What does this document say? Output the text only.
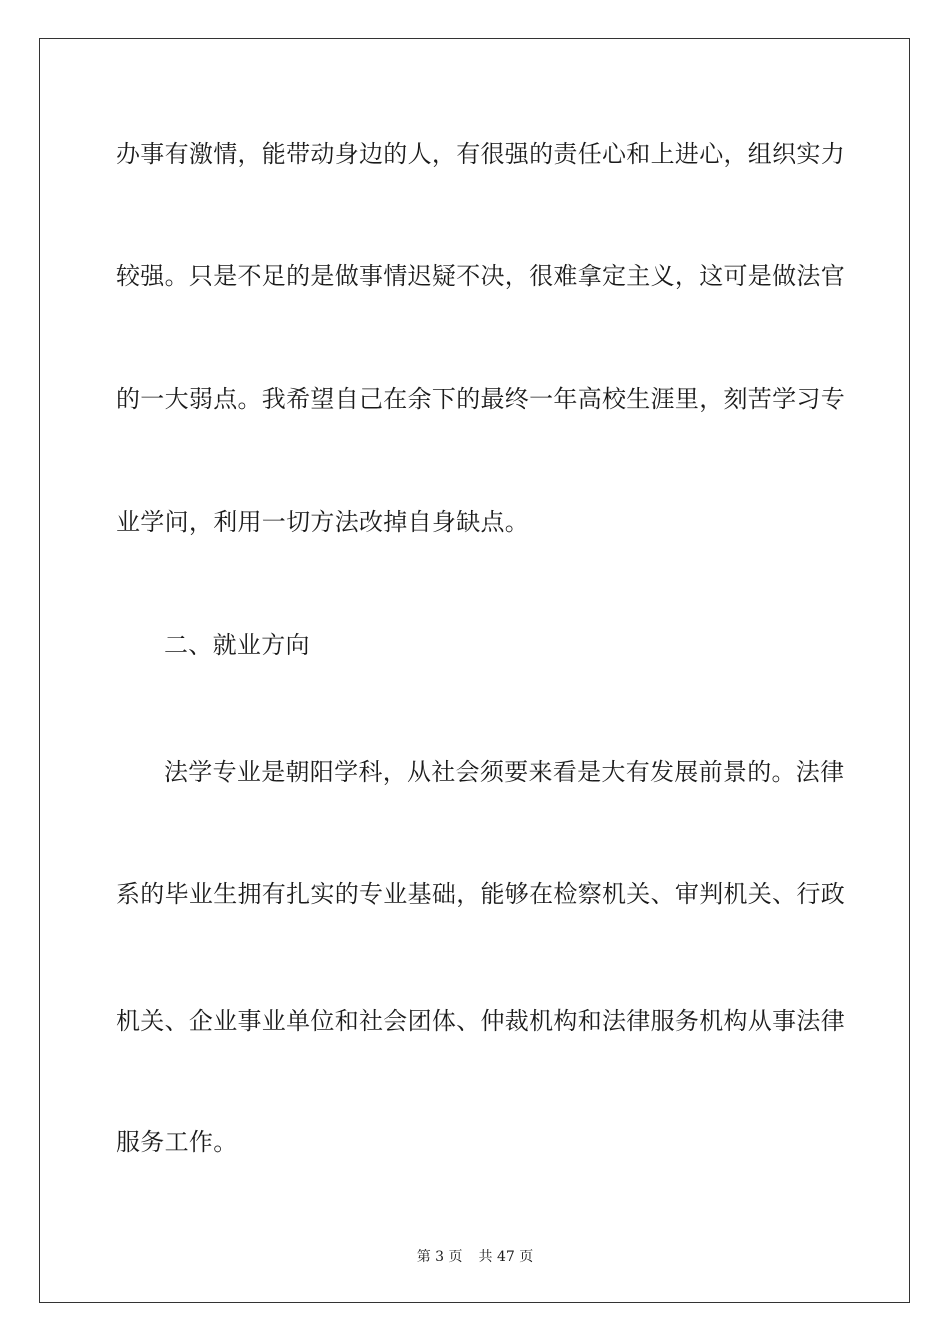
办事有激情，能带动身边的人，有很强的责任心和上进心，组织实力
较强。只是不足的是做事情迟疑不决，很难拿定主义，这可是做法官
的一大弱点。我希望自己在余下的最终一年高校生涯里，刻苦学习专
业学问，利用一切方法改掉自身缺点。
二、就业方向
法学专业是朝阳学科，从社会须要来看是大有发展前景的。法律
系的毕业生拥有扎实的专业基础，能够在检察机关、审判机关、行政
机关、企业事业单位和社会团体、仲裁机构和法律服务机构从事法律
服务工作。
第 3 页 共 47 页
